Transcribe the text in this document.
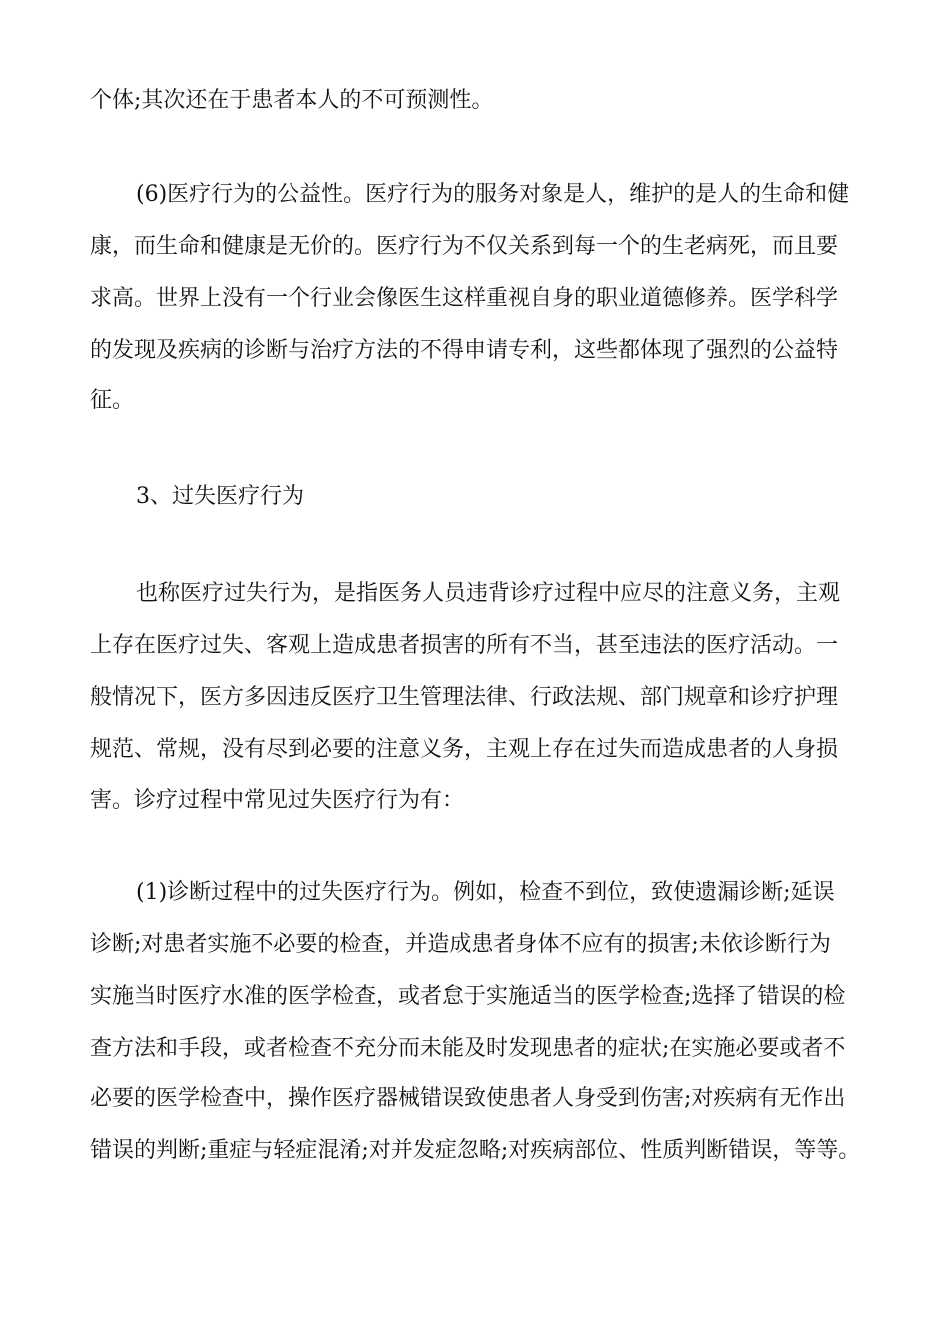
个体;其次还在于患者本人的不可预测性。
(6)医疗行为的公益性。医疗行为的服务对象是人，维护的是人的生命和健
康，而生命和健康是无价的。医疗行为不仅关系到每一个的生老病死，而且要
求高。世界上没有一个行业会像医生这样重视自身的职业道德修养。医学科学
的发现及疾病的诊断与治疗方法的不得申请专利，这些都体现了强烈的公益特
征。
3、过失医疗行为
也称医疗过失行为，是指医务人员违背诊疗过程中应尽的注意义务，主观
上存在医疗过失、客观上造成患者损害的所有不当，甚至违法的医疗活动。一
般情况下，医方多因违反医疗卫生管理法律、行政法规、部门规章和诊疗护理
规范、常规，没有尽到必要的注意义务，主观上存在过失而造成患者的人身损
害。诊疗过程中常见过失医疗行为有：
(1)诊断过程中的过失医疗行为。例如，检查不到位，致使遗漏诊断;延误
诊断;对患者实施不必要的检查，并造成患者身体不应有的损害;未依诊断行为
实施当时医疗水准的医学检查，或者怠于实施适当的医学检查;选择了错误的检
查方法和手段，或者检查不充分而未能及时发现患者的症状;在实施必要或者不
必要的医学检查中，操作医疗器械错误致使患者人身受到伤害;对疾病有无作出
错误的判断;重症与轻症混淆;对并发症忽略;对疾病部位、性质判断错误，等等。
